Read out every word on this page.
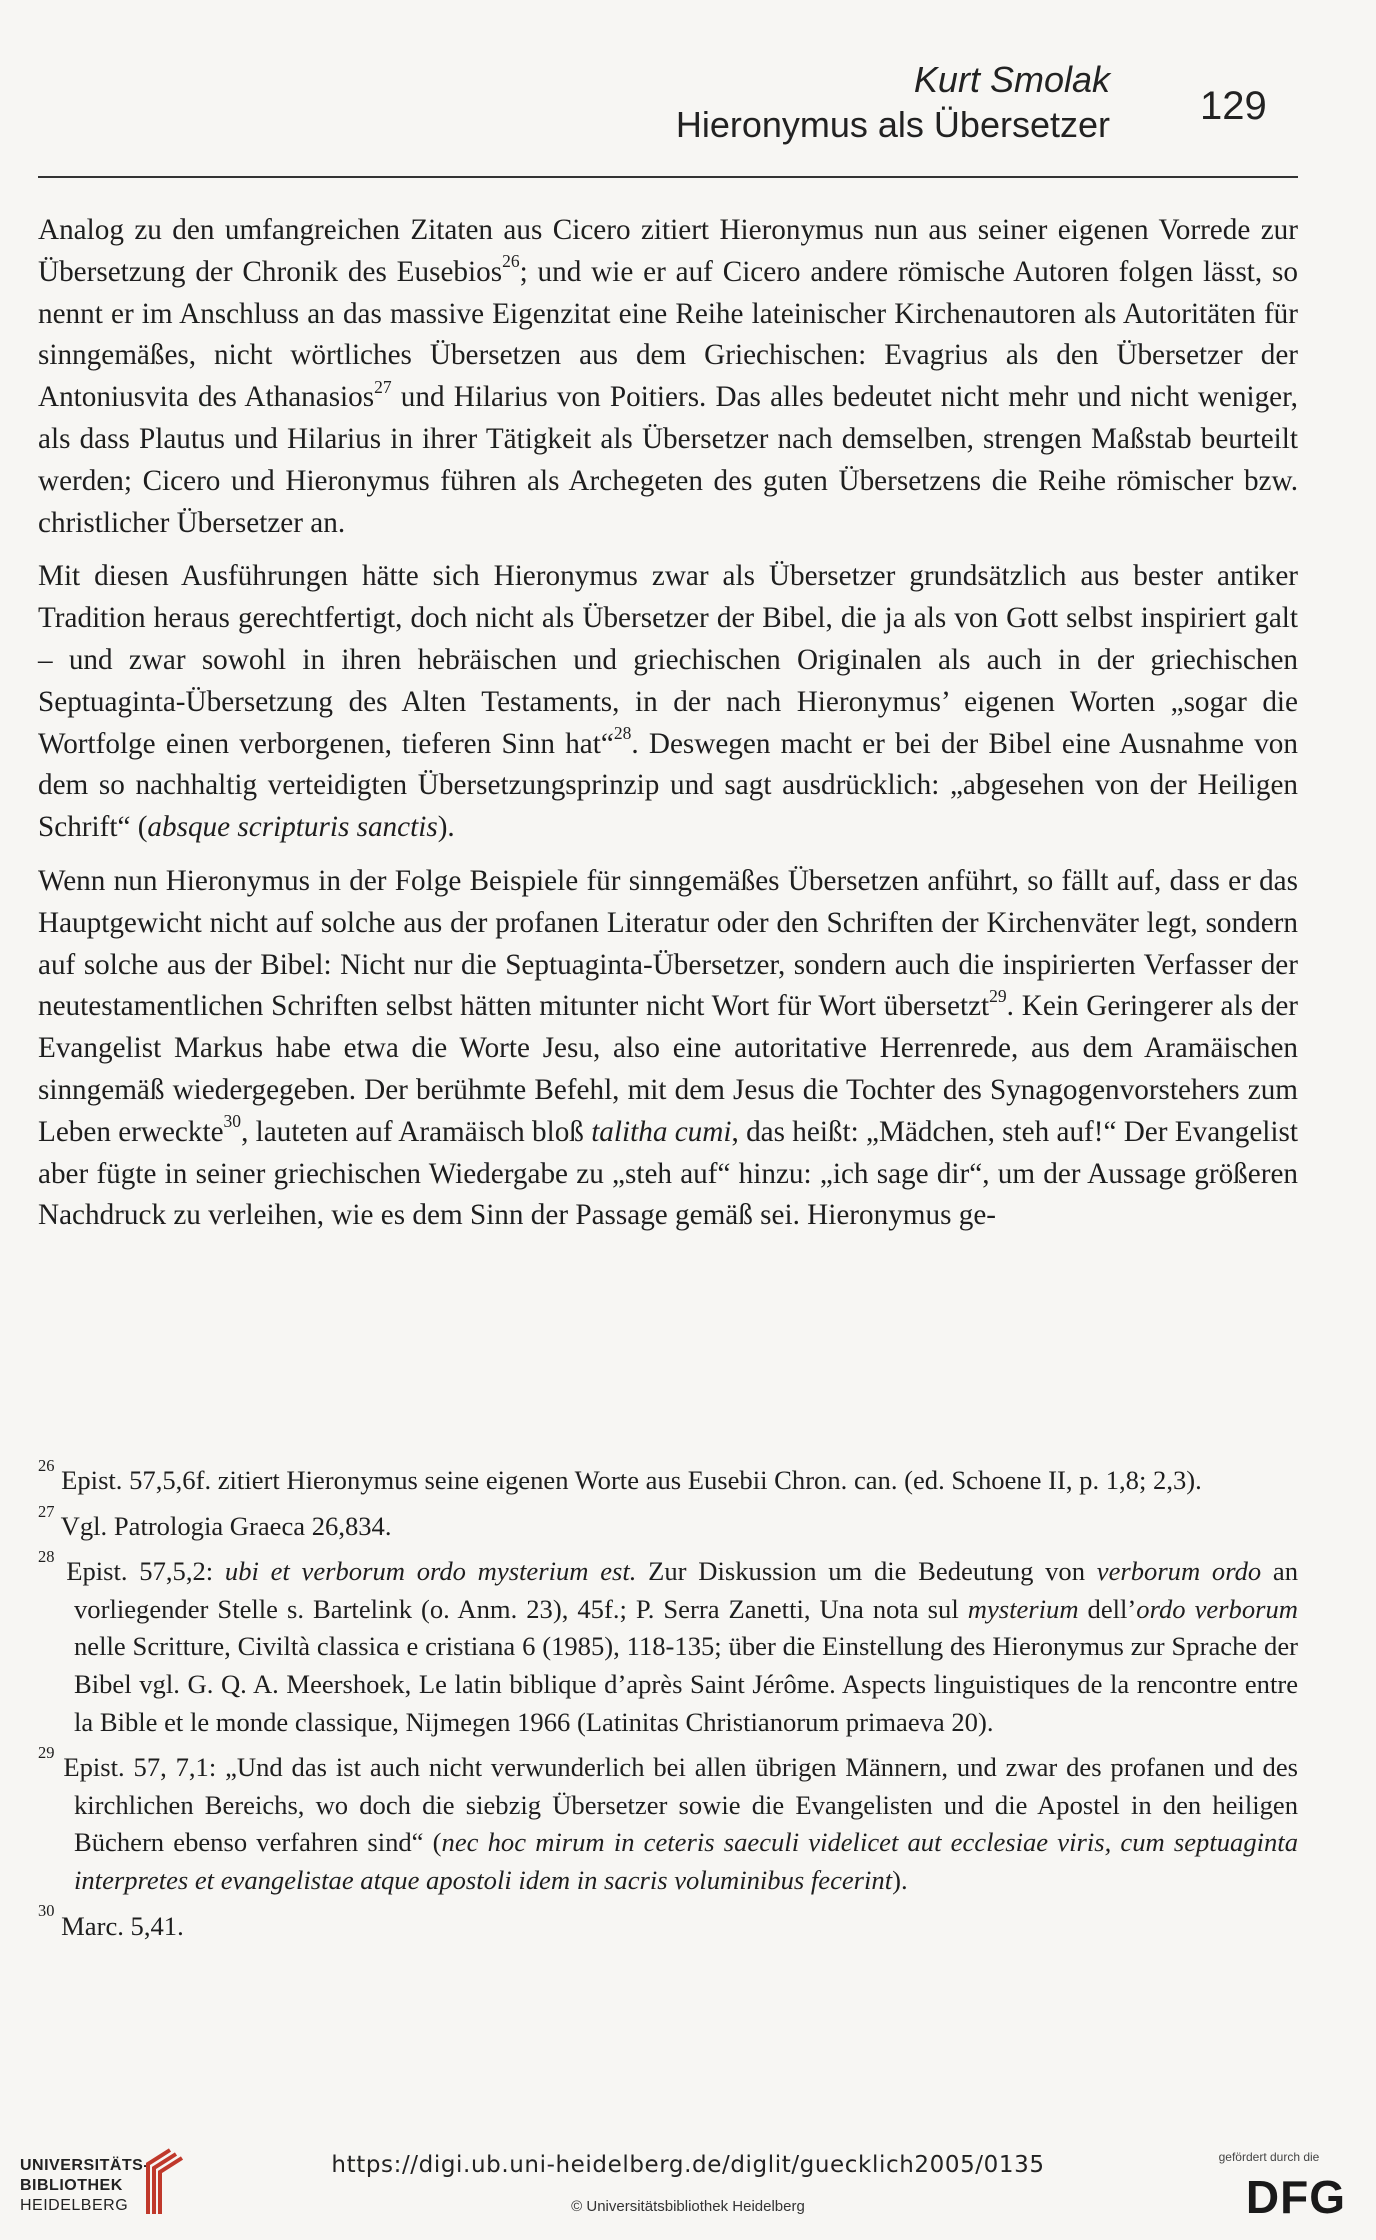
Kurt Smolak
Hieronymus als Übersetzer 129

Analog zu den umfangreichen Zitaten aus Cicero zitiert Hieronymus nun aus seiner eigenen Vorrede zur Übersetzung der Chronik des Eusebios$^{26}$; und wie er auf Cicero andere römische Autoren folgen lässt, so nennt er im Anschluss an das massive Eigenzitat eine Reihe lateinischer Kirchenautoren als Autoritäten für sinngemäßes, nicht wörtliches Übersetzen aus dem Griechischen: Evagrius als den Übersetzer der Antoniusvita des Athanasios$^{27}$ und Hilarius von Poitiers. Das alles bedeutet nicht mehr und nicht weniger, als dass Plautus und Hilarius in ihrer Tätigkeit als Übersetzer nach demselben, strengen Maßstab beurteilt werden; Cicero und Hieronymus führen als Archegeten des guten Übersetzens die Reihe römischer bzw. christlicher Übersetzer an.

Mit diesen Ausführungen hätte sich Hieronymus zwar als Übersetzer grundsätzlich aus bester antiker Tradition heraus gerechtfertigt, doch nicht als Übersetzer der Bibel, die ja als von Gott selbst inspiriert galt – und zwar sowohl in ihren hebräischen und griechischen Originalen als auch in der griechischen Septuaginta-Übersetzung des Alten Testaments, in der nach Hieronymus’ eigenen Worten „sogar die Wortfolge einen verborgenen, tieferen Sinn hat“$^{28}$. Deswegen macht er bei der Bibel eine Ausnahme von dem so nachhaltig verteidigten Übersetzungsprinzip und sagt ausdrücklich: „abgesehen von der Heiligen Schrift“ (absque scripturis sanctis).

Wenn nun Hieronymus in der Folge Beispiele für sinngemäßes Übersetzen anführt, so fällt auf, dass er das Hauptgewicht nicht auf solche aus der profanen Literatur oder den Schriften der Kirchenväter legt, sondern auf solche aus der Bibel: Nicht nur die Septuaginta-Übersetzer, sondern auch die inspirierten Verfasser der neutestamentlichen Schriften selbst hätten mitunter nicht Wort für Wort übersetzt$^{29}$. Kein Geringerer als der Evangelist Markus habe etwa die Worte Jesu, also eine autoritative Herrenrede, aus dem Aramäischen sinngemäß wiedergegeben. Der berühmte Befehl, mit dem Jesus die Tochter des Synagogenvorstehers zum Leben erweckte$^{30}$, lauteten auf Aramäisch bloß talitha cumi, das heißt: „Mädchen, steh auf!“ Der Evangelist aber fügte in seiner griechischen Wiedergabe zu „steh auf“ hinzu: „ich sage dir“, um der Aussage größeren Nachdruck zu verleihen, wie es dem Sinn der Passage gemäß sei. Hieronymus ge-

$^{26}$ Epist. 57,5,6f. zitiert Hieronymus seine eigenen Worte aus Eusebii Chron. can. (ed. Schoene II, p. 1,8; 2,3).
$^{27}$ Vgl. Patrologia Graeca 26,834.
$^{28}$ Epist. 57,5,2: ubi et verborum ordo mysterium est. Zur Diskussion um die Bedeutung von verborum ordo an vorliegender Stelle s. Bartelink (o. Anm. 23), 45f.; P. Serra Zanetti, Una nota sul mysterium dell’ordo verborum nelle Scritture, Civiltà classica e cristiana 6 (1985), 118-135; über die Einstellung des Hieronymus zur Sprache der Bibel vgl. G. Q. A. Meershoek, Le latin biblique d’après Saint Jérôme. Aspects linguistiques de la rencontre entre la Bible et le monde classique, Nijmegen 1966 (Latinitas Christianorum primaeva 20).
$^{29}$ Epist. 57, 7,1: „Und das ist auch nicht verwunderlich bei allen übrigen Männern, und zwar des profanen und des kirchlichen Bereichs, wo doch die siebzig Übersetzer sowie die Evangelisten und die Apostel in den heiligen Büchern ebenso verfahren sind“ (nec hoc mirum in ceteris saeculi videlicet aut ecclesiae viris, cum septuaginta interpretes et evangelistae atque apostoli idem in sacris voluminibus fecerint).
$^{30}$ Marc. 5,41.
UNIVERSITÄTS-
BIBLIOTHEK
HEIDELBERG
https://digi.ub.uni-heidelberg.de/diglit/guecklich2005/0135
© Universitätsbibliothek Heidelberg
gefördert durch die
DFG
